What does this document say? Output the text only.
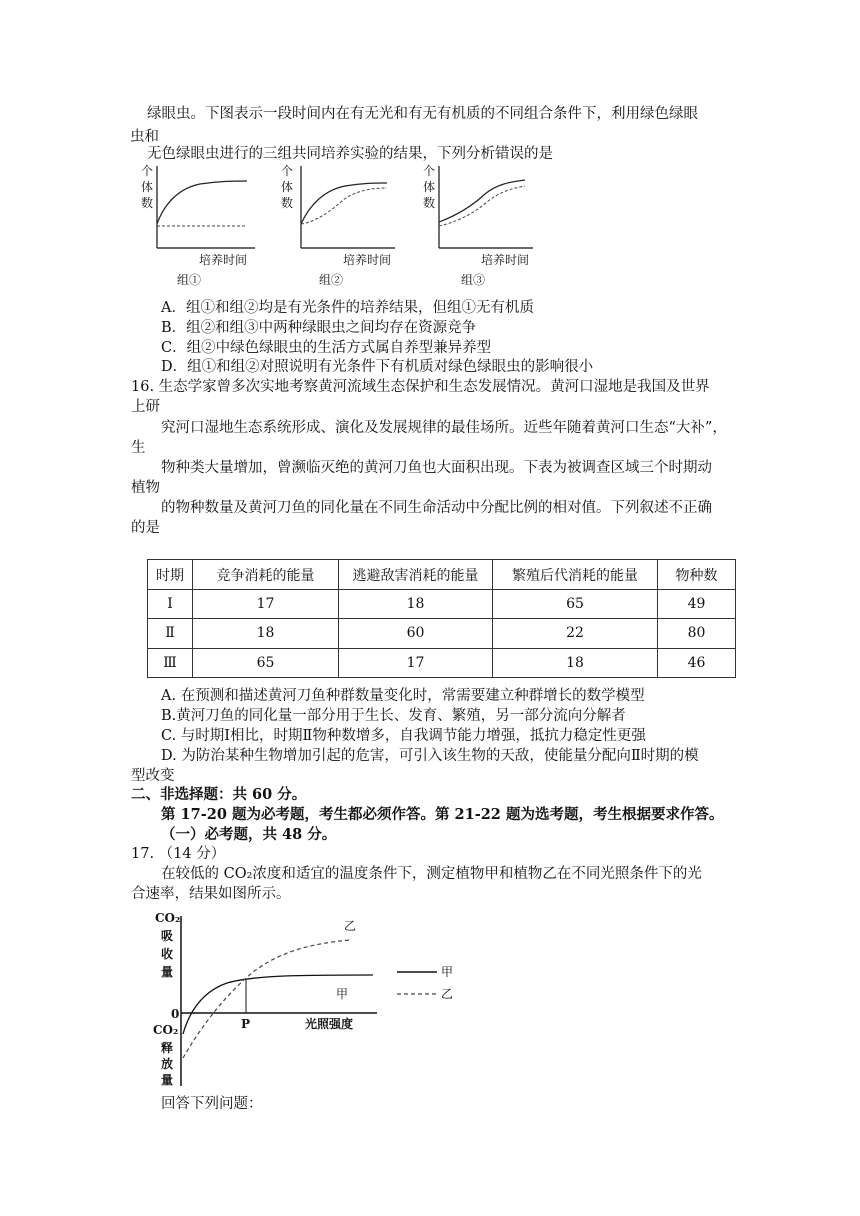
绿眼虫。下图表示一段时间内在有无光和有无有机质的不同组合条件下，利用绿色绿眼
虫和
无色绿眼虫进行的三组共同培养实验的结果，下列分析错误的是
个
体
数
培养时间
组①
个
体
数
培养时间
组②
个
体
数
培养时间
组③
A．组①和组②均是有光条件的培养结果，但组①无有机质
B．组②和组③中两种绿眼虫之间均存在资源竞争
C．组②中绿色绿眼虫的生活方式属自养型兼异养型
D．组①和组②对照说明有光条件下有机质对绿色绿眼虫的影响很小
16. 生态学家曾多次实地考察黄河流域生态保护和生态发展情况。黄河口湿地是我国及世界
上研
究河口湿地生态系统形成、演化及发展规律的最佳场所。近些年随着黄河口生态“大补”，
生
物种类大量增加，曾濒临灭绝的黄河刀鱼也大面积出现。下表为被调查区域三个时期动
植物
的物种数量及黄河刀鱼的同化量在不同生命活动中分配比例的相对值。下列叙述不正确
的是
时期	竞争消耗的能量	逃避敌害消耗的能量	繁殖后代消耗的能量	物种数
Ⅰ	17	18	65	49
Ⅱ	18	60	22	80
Ⅲ	65	17	18	46
A. 在预测和描述黄河刀鱼种群数量变化时，常需要建立种群增长的数学模型
B.黄河刀鱼的同化量一部分用于生长、发育、繁殖，另一部分流向分解者
C. 与时期Ⅰ相比，时期Ⅱ物种数增多，自我调节能力增强，抵抗力稳定性更强
D. 为防治某种生物增加引起的危害，可引入该生物的天敌，使能量分配向Ⅱ时期的模
型改变
二、非选择题：共 60 分。
第 17-20 题为必考题，考生都必须作答。第 21-22 题为选考题，考生根据要求作答。
（一）必考题，共 48 分。
17. （14 分）
在较低的 CO₂浓度和适宜的温度条件下，测定植物甲和植物乙在不同光照条件下的光
合速率，结果如图所示。
CO₂
吸
收
量
0
CO₂
释
放
量
P	光照强度
乙
甲
甲
乙
回答下列问题：
